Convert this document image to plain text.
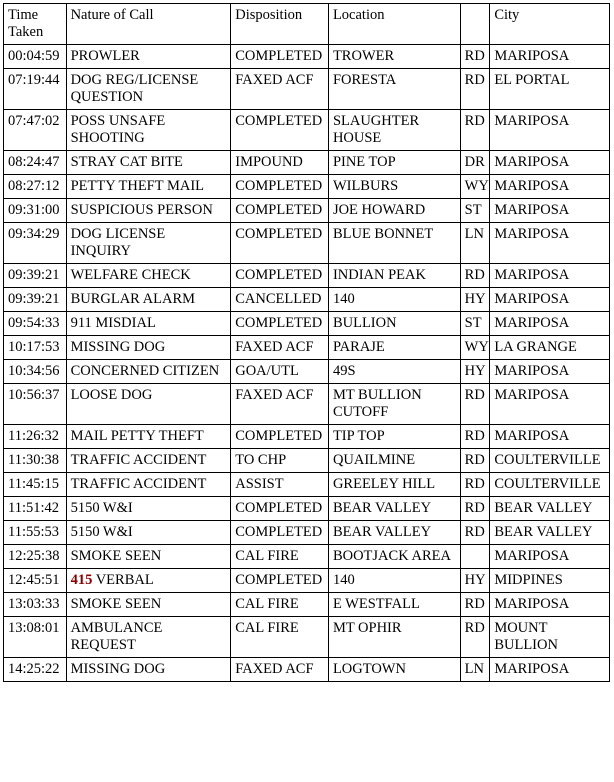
Time Taken	Nature of Call	Disposition	Location		City
00:04:59	PROWLER	COMPLETED	TROWER	RD	MARIPOSA
07:19:44	DOG REG/LICENSE QUESTION	FAXED ACF	FORESTA	RD	EL PORTAL
07:47:02	POSS UNSAFE SHOOTING	COMPLETED	SLAUGHTER HOUSE	RD	MARIPOSA
08:24:47	STRAY CAT BITE	IMPOUND	PINE TOP	DR	MARIPOSA
08:27:12	PETTY THEFT MAIL	COMPLETED	WILBURS	WY	MARIPOSA
09:31:00	SUSPICIOUS PERSON	COMPLETED	JOE HOWARD	ST	MARIPOSA
09:34:29	DOG LICENSE INQUIRY	COMPLETED	BLUE BONNET	LN	MARIPOSA
09:39:21	WELFARE CHECK	COMPLETED	INDIAN PEAK	RD	MARIPOSA
09:39:21	BURGLAR ALARM	CANCELLED	140	HY	MARIPOSA
09:54:33	911 MISDIAL	COMPLETED	BULLION	ST	MARIPOSA
10:17:53	MISSING DOG	FAXED ACF	PARAJE	WY	LA GRANGE
10:34:56	CONCERNED CITIZEN	GOA/UTL	49S	HY	MARIPOSA
10:56:37	LOOSE DOG	FAXED ACF	MT BULLION CUTOFF	RD	MARIPOSA
11:26:32	MAIL PETTY THEFT	COMPLETED	TIP TOP	RD	MARIPOSA
11:30:38	TRAFFIC ACCIDENT	TO CHP	QUAILMINE	RD	COULTERVILLE
11:45:15	TRAFFIC ACCIDENT	ASSIST	GREELEY HILL	RD	COULTERVILLE
11:51:42	5150 W&I	COMPLETED	BEAR VALLEY	RD	BEAR VALLEY
11:55:53	5150 W&I	COMPLETED	BEAR VALLEY	RD	BEAR VALLEY
12:25:38	SMOKE SEEN	CAL FIRE	BOOTJACK AREA		MARIPOSA
12:45:51	415 VERBAL	COMPLETED	140	HY	MIDPINES
13:03:33	SMOKE SEEN	CAL FIRE	E WESTFALL	RD	MARIPOSA
13:08:01	AMBULANCE REQUEST	CAL FIRE	MT OPHIR	RD	MOUNT BULLION
14:25:22	MISSING DOG	FAXED ACF	LOGTOWN	LN	MARIPOSA
